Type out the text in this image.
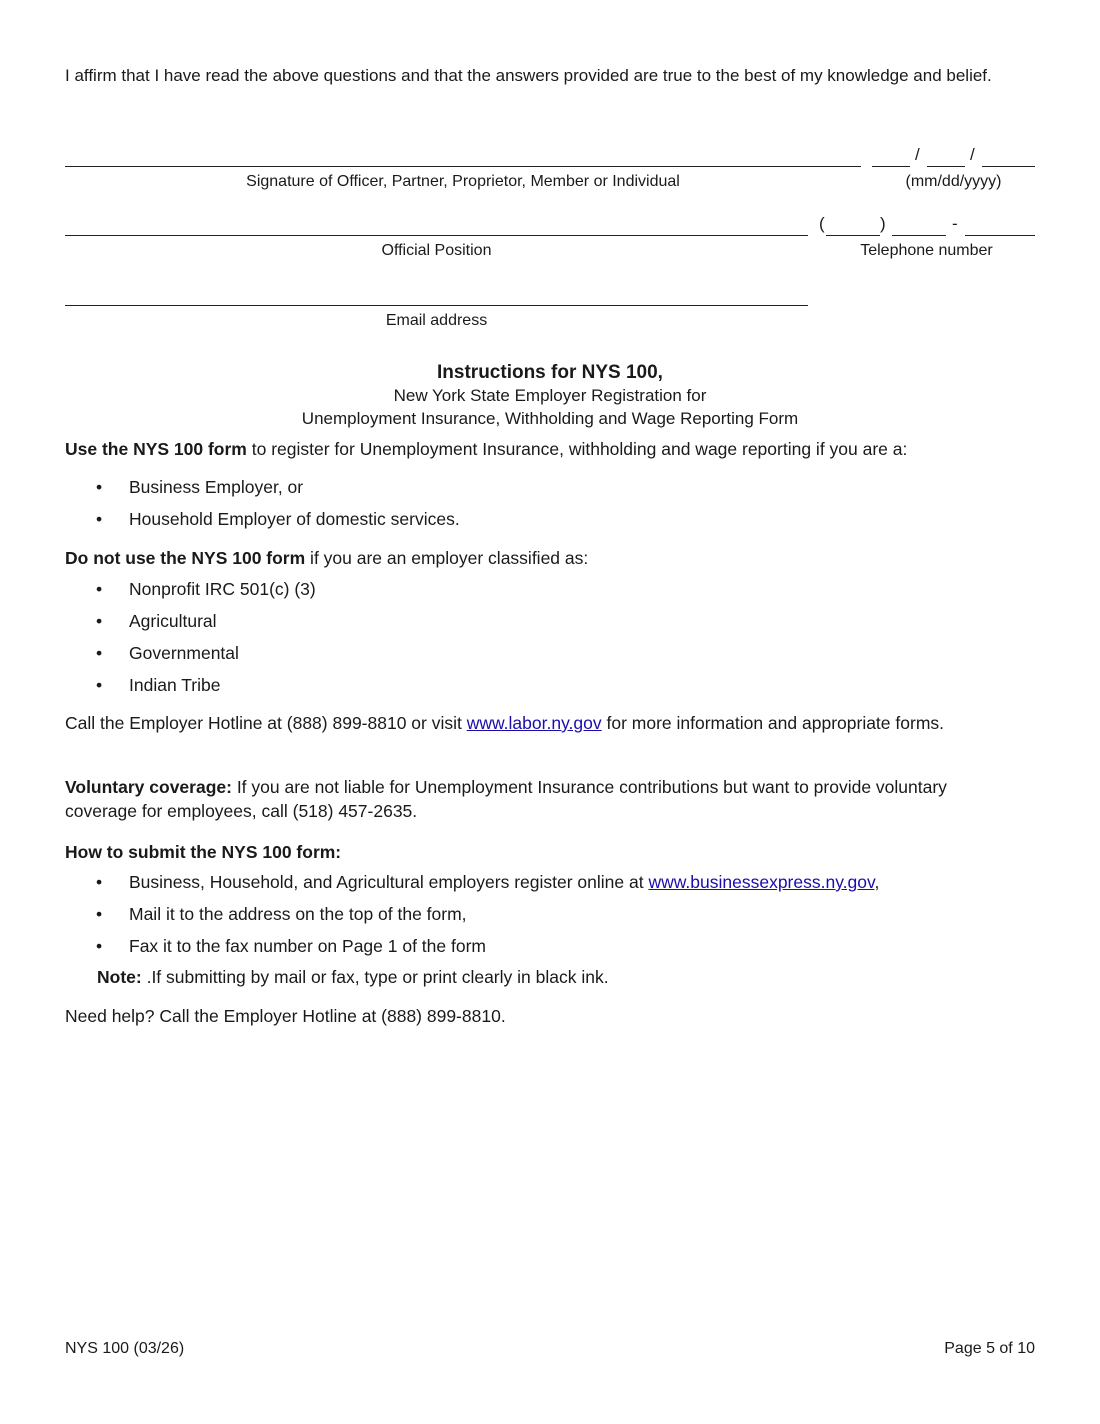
I affirm that I have read the above questions and that the answers provided are true to the best of my knowledge and belief.
Signature of Officer, Partner, Proprietor, Member or Individual
/	/
(mm/dd/yyyy)
Official Position
(	)	-
Telephone number
Email address
Instructions for NYS 100,
New York State Employer Registration for
Unemployment Insurance, Withholding and Wage Reporting Form
Use the NYS 100 form to register for Unemployment Insurance, withholding and wage reporting if you are a:
• Business Employer, or
• Household Employer of domestic services.
Do not use the NYS 100 form if you are an employer classified as:
• Nonprofit IRC 501(c) (3)
• Agricultural
• Governmental
• Indian Tribe
Call the Employer Hotline at (888) 899-8810 or visit www.labor.ny.gov for more information and appropriate forms.
Voluntary coverage: If you are not liable for Unemployment Insurance contributions but want to provide voluntary coverage for employees, call (518) 457-2635.
How to submit the NYS 100 form:
• Business, Household, and Agricultural employers register online at www.businessexpress.ny.gov,
• Mail it to the address on the top of the form,
• Fax it to the fax number on Page 1 of the form
Note: .If submitting by mail or fax, type or print clearly in black ink.
Need help? Call the Employer Hotline at (888) 899-8810.
NYS 100 (03/26)	Page 5 of 10
